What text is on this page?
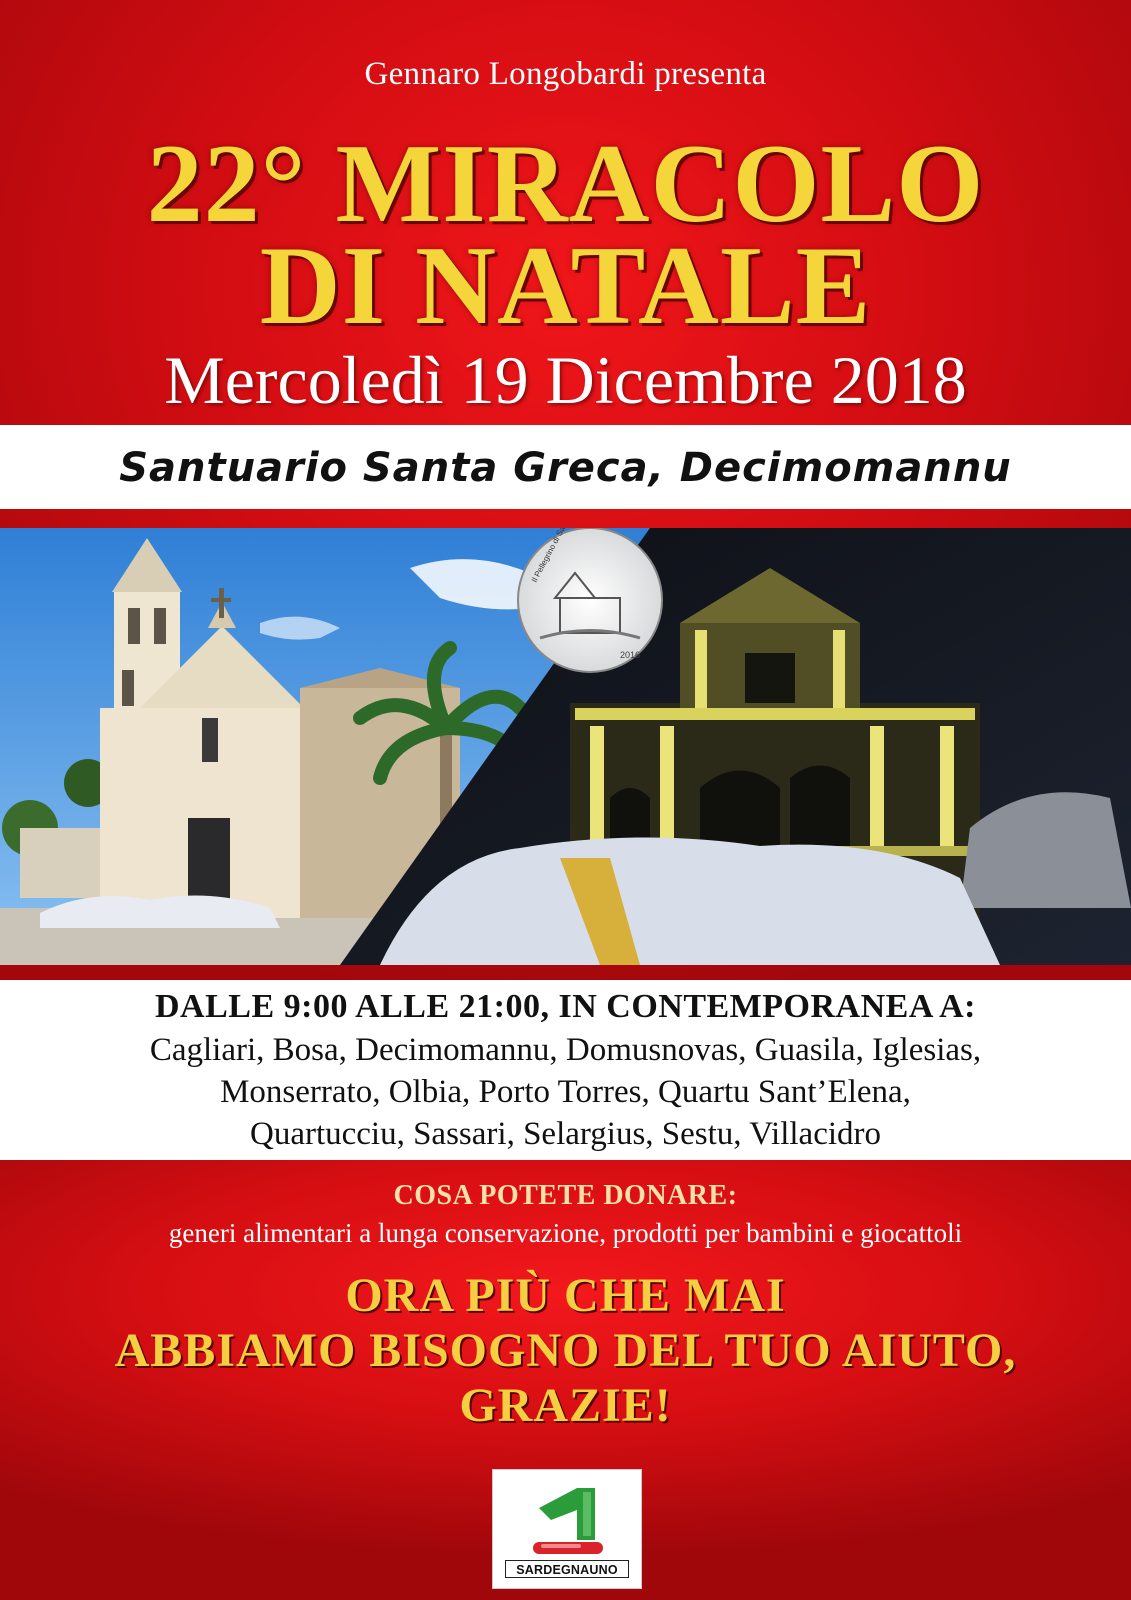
Gennaro Longobardi presenta
22° MIRACOLO
DI NATALE
Mercoledì 19 Dicembre 2018
Santuario Santa Greca, Decimomannu
2016
DALLE 9:00 ALLE 21:00, IN CONTEMPORANEA A:
Cagliari, Bosa, Decimomannu, Domusnovas, Guasila, Iglesias,
Monserrato, Olbia, Porto Torres, Quartu Sant’Elena,
Quartucciu, Sassari, Selargius, Sestu, Villacidro
COSA POTETE DONARE:
generi alimentari a lunga conservazione, prodotti per bambini e giocattoli
ORA PIÙ CHE MAI
ABBIAMO BISOGNO DEL TUO AIUTO,
GRAZIE!
SARDEGNAUNO
